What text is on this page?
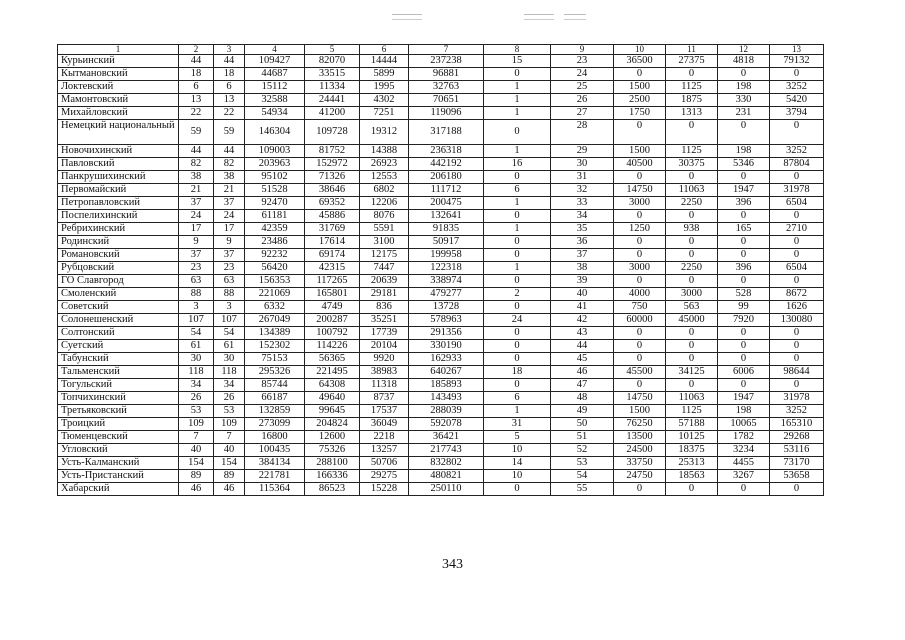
1	2	3	4	5	6	7	8	9	10	11	12	13
Курьинский	44	44	109427	82070	14444	237238	15	23	36500	27375	4818	79132
Кытмановский	18	18	44687	33515	5899	96881	0	24	0	0	0	0
Локтевский	6	6	15112	11334	1995	32763	1	25	1500	1125	198	3252
Мамонтовский	13	13	32588	24441	4302	70651	1	26	2500	1875	330	5420
Михайловский	22	22	54934	41200	7251	119096	1	27	1750	1313	231	3794
Немецкий национальный	59	59	146304	109728	19312	317188	0	28	0	0	0	0
Новочихинский	44	44	109003	81752	14388	236318	1	29	1500	1125	198	3252
Павловский	82	82	203963	152972	26923	442192	16	30	40500	30375	5346	87804
Панкрушихинский	38	38	95102	71326	12553	206180	0	31	0	0	0	0
Первомайский	21	21	51528	38646	6802	111712	6	32	14750	11063	1947	31978
Петропавловский	37	37	92470	69352	12206	200475	1	33	3000	2250	396	6504
Поспелихинский	24	24	61181	45886	8076	132641	0	34	0	0	0	0
Ребрихинский	17	17	42359	31769	5591	91835	1	35	1250	938	165	2710
Родинский	9	9	23486	17614	3100	50917	0	36	0	0	0	0
Романовский	37	37	92232	69174	12175	199958	0	37	0	0	0	0
Рубцовский	23	23	56420	42315	7447	122318	1	38	3000	2250	396	6504
ГО Славгород	63	63	156353	117265	20639	338974	0	39	0	0	0	0
Смоленский	88	88	221069	165801	29181	479277	2	40	4000	3000	528	8672
Советский	3	3	6332	4749	836	13728	0	41	750	563	99	1626
Солонешенский	107	107	267049	200287	35251	578963	24	42	60000	45000	7920	130080
Солтонский	54	54	134389	100792	17739	291356	0	43	0	0	0	0
Суетский	61	61	152302	114226	20104	330190	0	44	0	0	0	0
Табунский	30	30	75153	56365	9920	162933	0	45	0	0	0	0
Тальменский	118	118	295326	221495	38983	640267	18	46	45500	34125	6006	98644
Тогульский	34	34	85744	64308	11318	185893	0	47	0	0	0	0
Топчихинский	26	26	66187	49640	8737	143493	6	48	14750	11063	1947	31978
Третьяковский	53	53	132859	99645	17537	288039	1	49	1500	1125	198	3252
Троицкий	109	109	273099	204824	36049	592078	31	50	76250	57188	10065	165310
Тюменцевский	7	7	16800	12600	2218	36421	5	51	13500	10125	1782	29268
Угловский	40	40	100435	75326	13257	217743	10	52	24500	18375	3234	53116
Усть-Калманский	154	154	384134	288100	50706	832802	14	53	33750	25313	4455	73170
Усть-Пристанский	89	89	221781	166336	29275	480821	10	54	24750	18563	3267	53658
Хабарский	46	46	115364	86523	15228	250110	0	55	0	0	0	0
343
